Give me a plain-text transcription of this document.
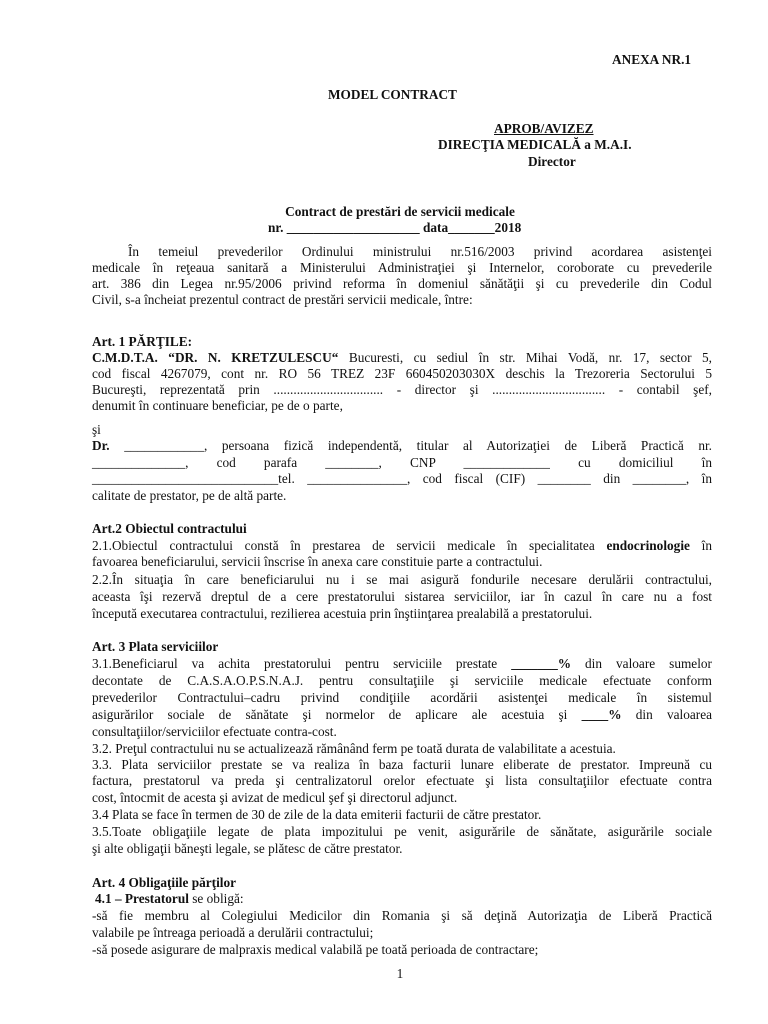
ANEXA NR.1
MODEL CONTRACT
APROB/AVIZEZ
DIRECŢIA MEDICALĂ a M.A.I.
Director
Contract de prestări de servicii medicale
nr. ____________________ data_______2018
În temeiul prevederilor Ordinului ministrului nr.516/2003 privind acordarea asistenţei
medicale în reţeaua sanitară a Ministerului Administraţiei şi Internelor, coroborate cu prevederile
art. 386 din Legea nr.95/2006 privind reforma în domeniul sănătăţii şi cu prevederile din Codul
Civil, s-a încheiat prezentul contract de prestări servicii medicale, între:
Art. 1 PĂRŢILE:
C.M.D.T.A. “DR. N. KRETZULESCU“ Bucuresti, cu sediul în str. Mihai Vodă, nr. 17, sector 5,
cod fiscal 4267079, cont nr. RO 56 TREZ 23F 660450203030X deschis la Trezoreria Sectorului 5
Bucureşti, reprezentată prin ................................. - director şi .................................. - contabil şef,
denumit în continuare beneficiar, pe de o parte,
şi
Dr. ____________, persoana fizică independentă, titular al Autorizaţiei de Liberă Practică nr.
______________, cod parafa ________, CNP _____________ cu domiciliul în
____________________________tel. _______________, cod fiscal (CIF) ________ din ________, în
calitate de prestator, pe de altă parte.
Art.2 Obiectul contractului
2.1.Obiectul contractului constă în prestarea de servicii medicale în specialitatea endocrinologie în
favoarea beneficiarului, servicii înscrise în anexa care constituie parte a contractului.
2.2.În situaţia în care beneficiarului nu i se mai asigură fondurile necesare derulării contractului,
aceasta îşi rezervă dreptul de a cere prestatorului sistarea serviciilor, iar în cazul în care nu a fost
începută executarea contractului, rezilierea acestuia prin înştiinţarea prealabilă a prestatorului.
Art. 3 Plata serviciilor
3.1.Beneficiarul va achita prestatorului pentru serviciile prestate _______% din valoare sumelor
decontate de C.A.S.A.O.P.S.N.A.J. pentru consultaţiile şi serviciile medicale efectuate conform
prevederilor Contractului–cadru privind condiţiile acordării asistenţei medicale în sistemul
asigurărilor sociale de sănătate şi normelor de aplicare ale acestuia şi ____% din valoarea
consultaţiilor/serviciilor efectuate contra-cost.
3.2. Preţul contractului nu se actualizează rămânând ferm pe toată durata de valabilitate a acestuia.
3.3. Plata serviciilor prestate se va realiza în baza facturii lunare eliberate de prestator. Impreună cu
factura, prestatorul va preda şi centralizatorul orelor efectuate şi lista consultaţiilor efectuate contra
cost, întocmit de acesta şi avizat de medicul şef şi directorul adjunct.
3.4 Plata se face în termen de 30 de zile de la data emiterii facturii de către prestator.
3.5.Toate obligaţiile legate de plata impozitului pe venit, asigurările de sănătate, asigurările sociale
şi alte obligaţii băneşti legale, se plătesc de către prestator.
Art. 4 Obligaţiile părţilor
4.1 – Prestatorul se obligă:
-să fie membru al Colegiului Medicilor din Romania şi să deţină Autorizaţia de Liberă Practică
valabile pe întreaga perioadă a derulării contractului;
-să posede asigurare de malpraxis medical valabilă pe toată perioada de contractare;
1
